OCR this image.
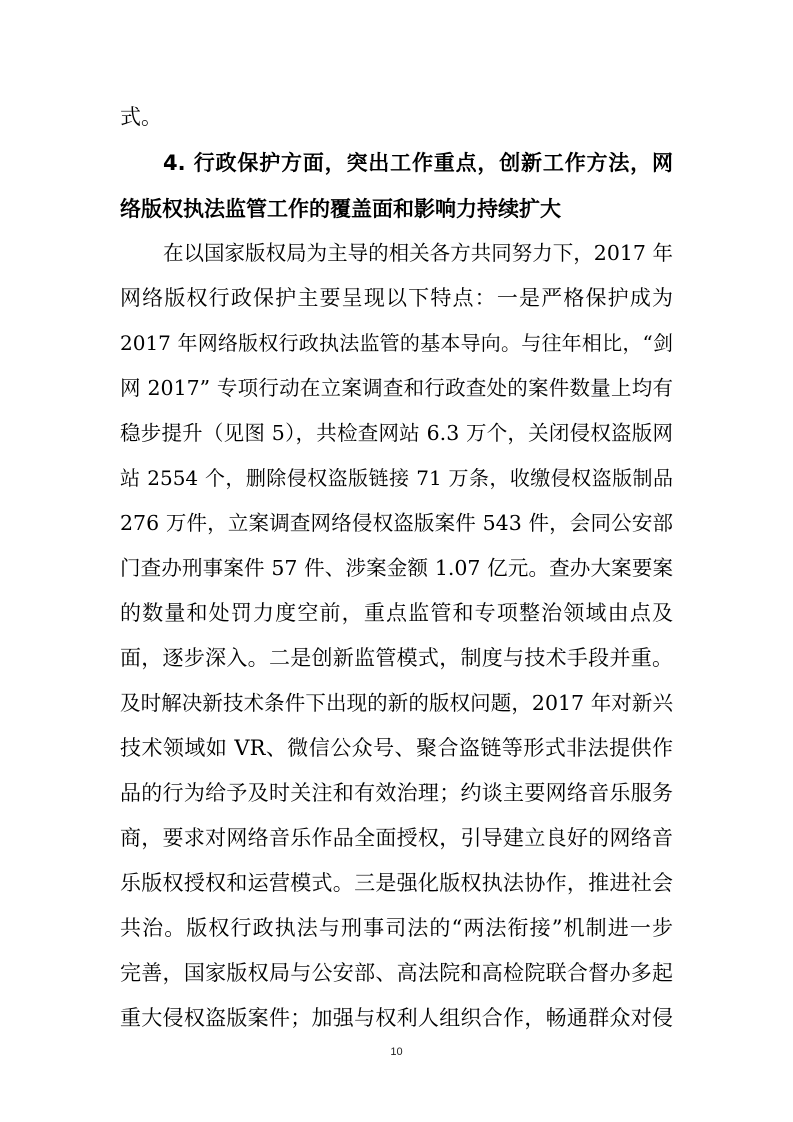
式。
4. 行政保护方面，突出工作重点，创新工作方法，网
络版权执法监管工作的覆盖面和影响力持续扩大
在以国家版权局为主导的相关各方共同努力下，2017 年
网络版权行政保护主要呈现以下特点：一是严格保护成为
2017 年网络版权行政执法监管的基本导向。与往年相比，“剑
网 2017” 专项行动在立案调查和行政查处的案件数量上均有
稳步提升（见图 5），共检查网站 6.3 万个，关闭侵权盗版网
站 2554 个，删除侵权盗版链接 71 万条，收缴侵权盗版制品
276 万件，立案调查网络侵权盗版案件 543 件，会同公安部
门查办刑事案件 57 件、涉案金额 1.07 亿元。查办大案要案
的数量和处罚力度空前，重点监管和专项整治领域由点及
面，逐步深入。二是创新监管模式，制度与技术手段并重。
及时解决新技术条件下出现的新的版权问题，2017 年对新兴
技术领域如 VR、微信公众号、聚合盗链等形式非法提供作
品的行为给予及时关注和有效治理；约谈主要网络音乐服务
商，要求对网络音乐作品全面授权，引导建立良好的网络音
乐版权授权和运营模式。三是强化版权执法协作，推进社会
共治。版权行政执法与刑事司法的“两法衔接”机制进一步
完善，国家版权局与公安部、高法院和高检院联合督办多起
重大侵权盗版案件；加强与权利人组织合作，畅通群众对侵
10
